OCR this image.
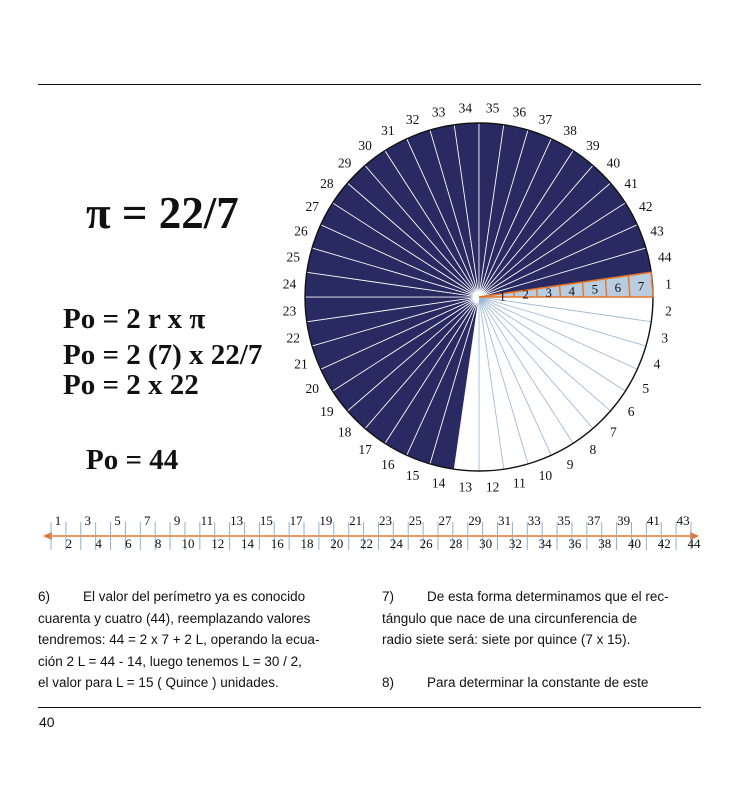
π = 22/7
Po = 2 r x π
Po = 2 (7) x 22/7
Po = 2 x 22
Po = 44
1 2 3 4 5 6 7 1
2
3
4
5
6
7
8
9
10
11
12
13
14
15
16
17
18
19
20
21
22
23
24
25
26
27
28
29
30
31
32
33 34 35 36
37
38
39
40
41
42
43
44
1 3 5 7 9 11 13 15 17 19 21 23 25 27 29 31 33 35 37 39 41 43
2 4 6 8 10 12 14 16 18 20 22 24 26 28 30 32 34 36 38 40 42 44
6) El valor del perímetro ya es conocido
cuarenta y cuatro (44), reemplazando valores
tendremos: 44 = 2 x 7 + 2 L, operando la ecua-
ción 2 L = 44 - 14, luego tenemos L = 30 / 2,
el valor para L = 15 ( Quince ) unidades.
7) De esta forma determinamos que el rec-
tángulo que nace de una circunferencia de
radio siete será: siete por quince (7 x 15).
8) Para determinar la constante de este
40
